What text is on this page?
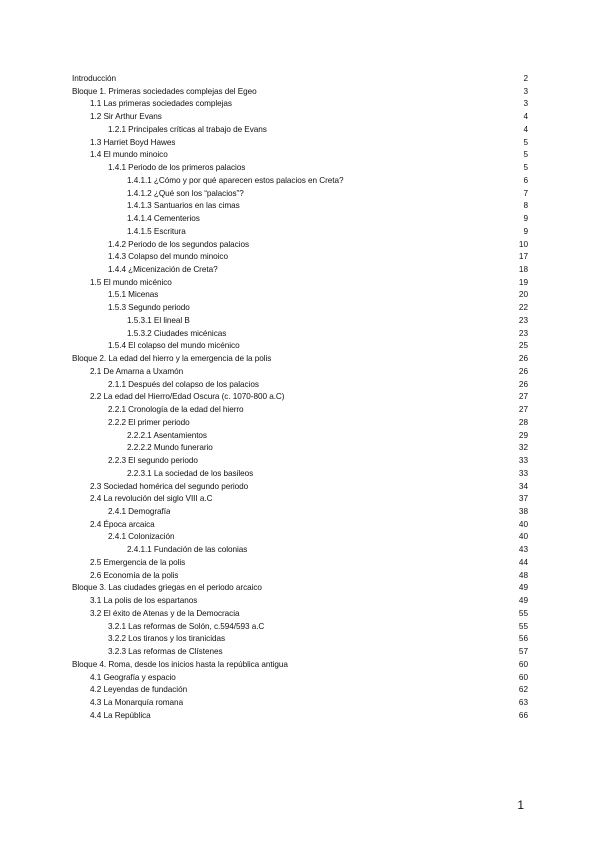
Introducción	2
Bloque 1. Primeras sociedades complejas del Egeo	3
1.1 Las primeras sociedades complejas	3
1.2 Sir Arthur Evans	4
1.2.1 Principales críticas al trabajo de Evans	4
1.3 Harriet Boyd Hawes	5
1.4 El mundo minoico	5
1.4.1 Periodo de los primeros palacios	5
1.4.1.1 ¿Cómo y por qué aparecen estos palacios en Creta?	6
1.4.1.2 ¿Qué son los “palacios”?	7
1.4.1.3 Santuarios en las cimas	8
1.4.1.4 Cementerios	9
1.4.1.5 Escritura	9
1.4.2 Periodo de los segundos palacios	10
1.4.3 Colapso del mundo minoico	17
1.4.4 ¿Micenización de Creta?	18
1.5 El mundo micénico	19
1.5.1 Micenas	20
1.5.3 Segundo periodo	22
1.5.3.1 El lineal B	23
1.5.3.2 Ciudades micénicas	23
1.5.4 El colapso del mundo micénico	25
Bloque 2. La edad del hierro y la emergencia de la polis	26
2.1 De Amarna a Uxamón	26
2.1.1 Después del colapso de los palacios	26
2.2 La edad del Hierro/Edad Oscura (c. 1070-800 a.C)	27
2.2.1 Cronología de la edad del hierro	27
2.2.2 El primer periodo	28
2.2.2.1 Asentamientos	29
2.2.2.2 Mundo funerario	32
2.2.3 El segundo periodo	33
2.2.3.1 La sociedad de los basileos	33
2.3 Sociedad homérica del segundo periodo	34
2.4 La revolución del siglo VIII a.C	37
2.4.1 Demografía	38
2.4 Época arcaica	40
2.4.1 Colonización	40
2.4.1.1 Fundación de las colonias	43
2.5 Emergencia de la polis	44
2.6 Economía de la polis	48
Bloque 3. Las ciudades griegas en el periodo arcaico	49
3.1 La polis de los espartanos	49
3.2 El éxito de Atenas y de la Democracia	55
3.2.1 Las reformas de Solón, c.594/593 a.C	55
3.2.2 Los tiranos y los tiranicidas	56
3.2.3 Las reformas de Clístenes	57
Bloque 4. Roma, desde los inicios hasta la república antigua	60
4.1 Geografía y espacio	60
4.2 Leyendas de fundación	62
4.3 La Monarquía romana	63
4.4 La República	66
1
